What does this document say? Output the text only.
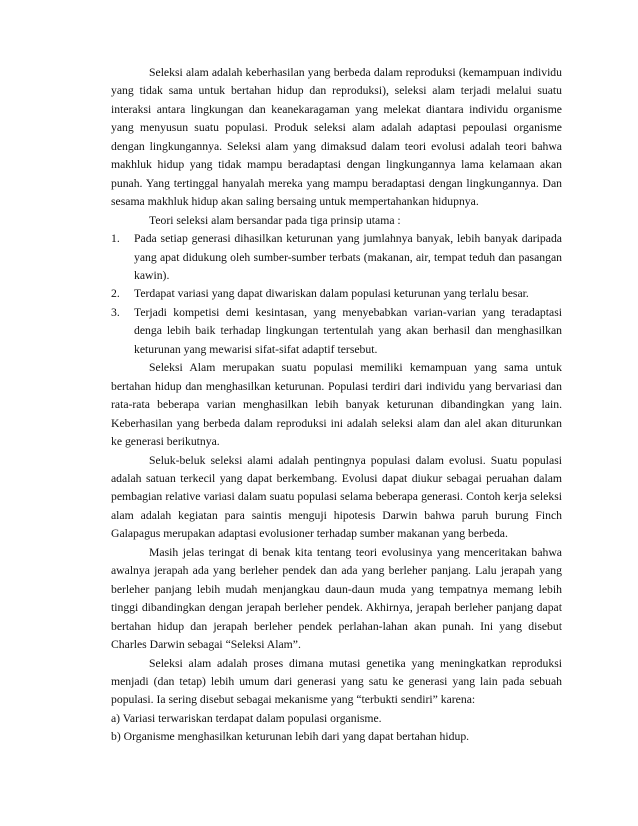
Seleksi alam adalah keberhasilan yang berbeda dalam reproduksi (kemampuan individu yang tidak sama untuk bertahan hidup dan reproduksi), seleksi alam terjadi melalui suatu interaksi antara lingkungan dan keanekaragaman yang melekat diantara individu organisme yang menyusun suatu populasi. Produk seleksi alam adalah adaptasi pepoulasi organisme dengan lingkungannya. Seleksi alam yang dimaksud dalam teori evolusi adalah teori bahwa makhluk hidup yang tidak mampu beradaptasi dengan lingkungannya lama kelamaan akan punah. Yang tertinggal hanyalah mereka yang mampu beradaptasi dengan lingkungannya. Dan sesama makhluk hidup akan saling bersaing untuk mempertahankan hidupnya.

Teori seleksi alam bersandar pada tiga prinsip utama :

1. Pada setiap generasi dihasilkan keturunan yang jumlahnya banyak, lebih banyak daripada yang apat didukung oleh sumber-sumber terbats (makanan, air, tempat teduh dan pasangan kawin).
2. Terdapat variasi yang dapat diwariskan dalam populasi keturunan yang terlalu besar.
3. Terjadi kompetisi demi kesintasan, yang menyebabkan varian-varian yang teradaptasi denga lebih baik terhadap lingkungan tertentulah yang akan berhasil dan menghasilkan keturunan yang mewarisi sifat-sifat adaptif tersebut.

Seleksi Alam merupakan suatu populasi memiliki kemampuan yang sama untuk bertahan hidup dan menghasilkan keturunan. Populasi terdiri dari individu yang bervariasi dan rata-rata beberapa varian menghasilkan lebih banyak keturunan dibandingkan yang lain. Keberhasilan yang berbeda dalam reproduksi ini adalah seleksi alam dan alel akan diturunkan ke generasi berikutnya.

Seluk-beluk seleksi alami adalah pentingnya populasi dalam evolusi. Suatu populasi adalah satuan terkecil yang dapat berkembang. Evolusi dapat diukur sebagai peruahan dalam pembagian relative variasi dalam suatu populasi selama beberapa generasi. Contoh kerja seleksi alam adalah kegiatan para saintis menguji hipotesis Darwin bahwa paruh burung Finch Galapagus merupakan adaptasi evolusioner terhadap sumber makanan yang berbeda.

Masih jelas teringat di benak kita tentang teori evolusinya yang menceritakan bahwa awalnya jerapah ada yang berleher pendek dan ada yang berleher panjang. Lalu jerapah yang berleher panjang lebih mudah menjangkau daun-daun muda yang tempatnya memang lebih tinggi dibandingkan dengan jerapah berleher pendek. Akhirnya, jerapah berleher panjang dapat bertahan hidup dan jerapah berleher pendek perlahan-lahan akan punah. Ini yang disebut Charles Darwin sebagai “Seleksi Alam”.

Seleksi alam adalah proses dimana mutasi genetika yang meningkatkan reproduksi menjadi (dan tetap) lebih umum dari generasi yang satu ke generasi yang lain pada sebuah populasi. Ia sering disebut sebagai mekanisme yang “terbukti sendiri” karena:

a) Variasi terwariskan terdapat dalam populasi organisme.

b) Organisme menghasilkan keturunan lebih dari yang dapat bertahan hidup.
